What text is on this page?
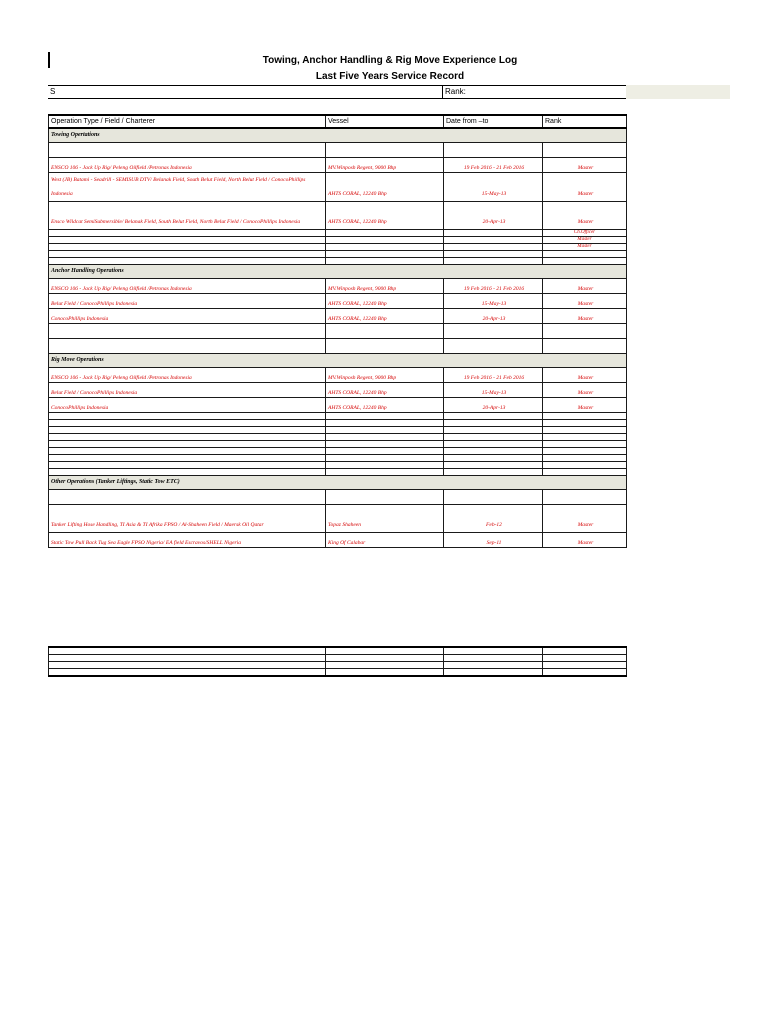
Towing, Anchor Handling & Rig Move Experience Log
Last Five Years Service Record
S	Rank:
Operation Type / Field / Charterer	Vessel	Date from –to	Rank
Towing Opertations			

ENSCO 106 - Jack Up Rig/ Peleng Oilfield /Petronas Indonesia	MV.Winposh Regent, 9000 Bhp	19 Feb 2016 - 21 Feb 2016	Master
West (JB) Batami - Seadrill - SEMISUB DTV/ Belanak Field, South Belut Field, North Belut Field / ConocoPhillips Indonesia	AHTS CORAL, 12240 Bhp	15-May-13	Master
Ensco Wildcat SemiSubmersible/ Belanak Field, South Belut Field, North Belut Field / ConocoPhillips Indonesia	AHTS CORAL, 12240 Bhp	20-Apr-13	Master
			Ch.Officer
			Master
			Master

Anchor Handling Operations			
ENSCO 106 - Jack Up Rig/ Peleng Oilfield /Petronas Indonesia	MV.Winposh Regent, 9000 Bhp	19 Feb 2016 - 21 Feb 2016	Master
Belut Field / ConocoPhillips Indonesia	AHTS CORAL, 12240 Bhp	15-May-13	Master
ConocoPhillips Indonesia	AHTS CORAL, 12240 Bhp	20-Apr-13	Master

Rig Move Operations			
ENSCO 106 - Jack Up Rig/ Peleng Oilfield /Petronas Indonesia	MV.Winposh Regent, 9000 Bhp	19 Feb 2016 - 21 Feb 2016	Master
Belut Field / ConocoPhillips Indonesia	AHTS CORAL, 12240 Bhp	15-May-13	Master
ConocoPhillips Indonesia	AHTS CORAL, 12240 Bhp	20-Apr-13	Master

Other Operations (Tanker Liftings, Static Tow ETC)			

Tanker Lifting Hose Handling, TI Asia & TI Afrika FPSO / Al-Shaheen Field / Maersk Oil Qatar	Topaz Shaheen	Feb-12	Master
Static Tow Pull Back Tug Sea Eagle FPSO Nigeria/ EA field Escravos/SHELL Nigeria	King Of Calabar	Sep-11	Master
